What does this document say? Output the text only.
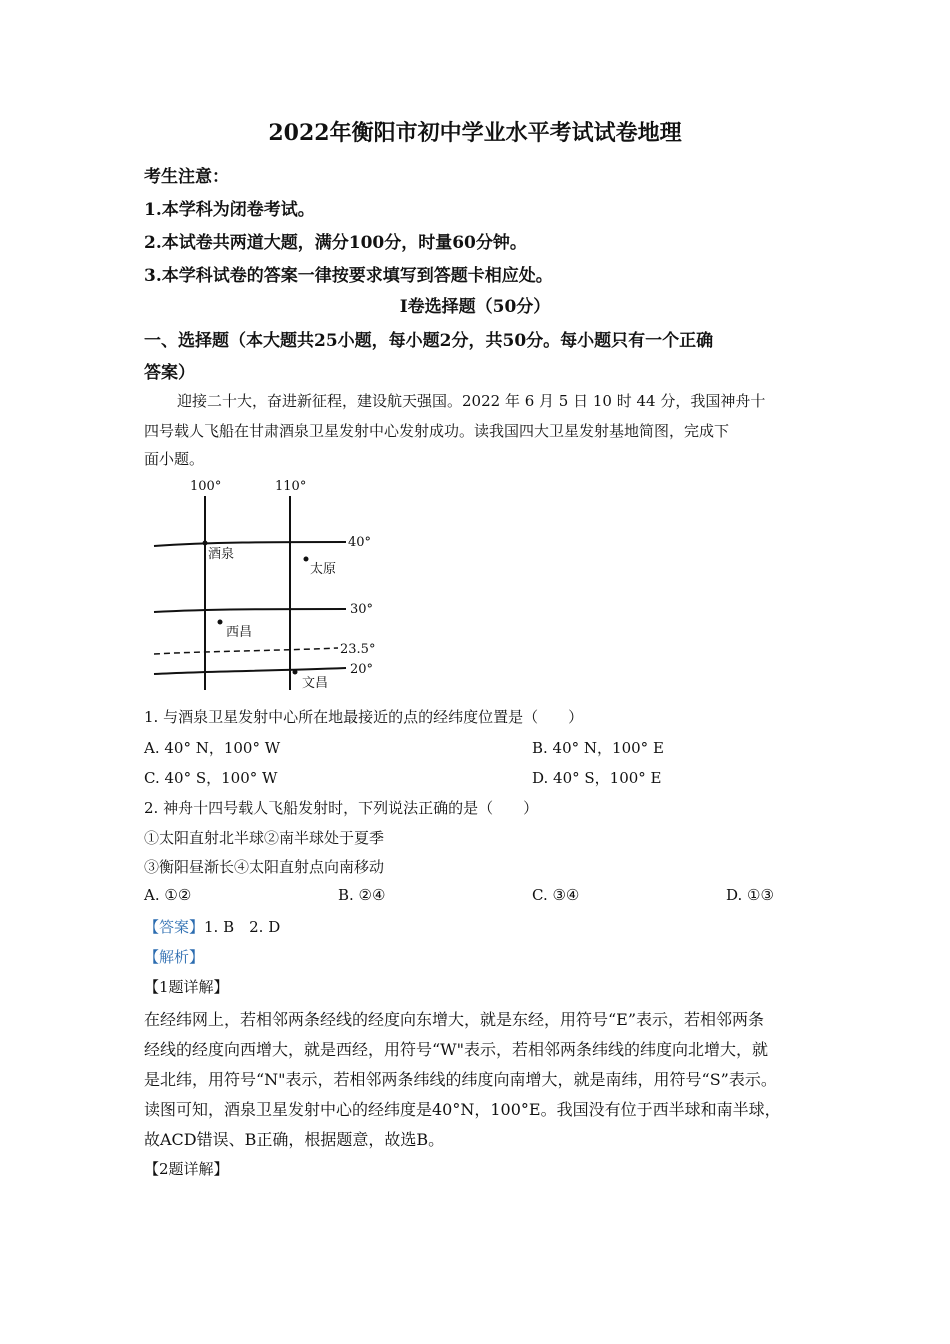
2022年衡阳市初中学业水平考试试卷地理
考生注意：
1.本学科为闭卷考试。
2.本试卷共两道大题，满分100分，时量60分钟。
3.本学科试卷的答案一律按要求填写到答题卡相应处。
Ⅰ卷选择题（50分）
一、选择题（本大题共25小题，每小题2分，共50分。每小题只有一个正确
答案）
迎接二十大，奋进新征程，建设航天强国。2022 年 6 月 5 日 10 时 44 分，我国神舟十
四号载人飞船在甘肃酒泉卫星发射中心发射成功。读我国四大卫星发射基地简图，完成下
面小题。
100°	110°
40°
30°
23.5°
20°
酒泉
太原
西昌
文昌
1. 与酒泉卫星发射中心所在地最接近的点的经纬度位置是（　　）
A. 40° N，100° W	B. 40° N，100° E
C. 40° S，100° W	D. 40° S，100° E
2. 神舟十四号载人飞船发射时，下列说法正确的是（　　）
①太阳直射北半球②南半球处于夏季
③衡阳昼渐长④太阳直射点向南移动
A. ①②	B. ②④	C. ③④	D. ①③
【答案】1. B　2. D
【解析】
【1题详解】
在经纬网上，若相邻两条经线的经度向东增大，就是东经，用符号“E”表示，若相邻两条
经线的经度向西增大，就是西经，用符号“W"表示，若相邻两条纬线的纬度向北增大，就
是北纬，用符号“N"表示，若相邻两条纬线的纬度向南增大，就是南纬，用符号“S”表示。
读图可知，酒泉卫星发射中心的经纬度是40°N，100°E。我国没有位于西半球和南半球，
故ACD错误、B正确，根据题意，故选B。
【2题详解】
